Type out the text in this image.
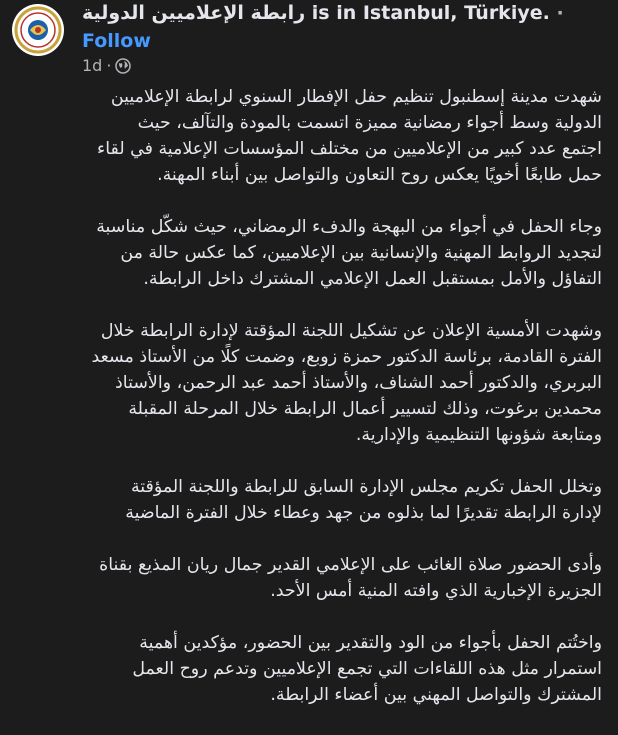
رابطة الإعلاميين الدولية is in Istanbul, Türkiye. ·
Follow
1d ·

شهدت مدينة إسطنبول تنظيم حفل الإفطار السنوي لرابطة الإعلاميين
الدولية وسط أجواء رمضانية مميزة اتسمت بالمودة والتآلف، حيث
اجتمع عدد كبير من الإعلاميين من مختلف المؤسسات الإعلامية في لقاء
حمل طابعًا أخويًا يعكس روح التعاون والتواصل بين أبناء المهنة.

وجاء الحفل في أجواء من البهجة والدفء الرمضاني، حيث شكّل مناسبة
لتجديد الروابط المهنية والإنسانية بين الإعلاميين، كما عكس حالة من
التفاؤل والأمل بمستقبل العمل الإعلامي المشترك داخل الرابطة.

وشهدت الأمسية الإعلان عن تشكيل اللجنة المؤقتة لإدارة الرابطة خلال
الفترة القادمة، برئاسة الدكتور حمزة زوبع، وضمت كلًا من الأستاذ مسعد
البربري، والدكتور أحمد الشناف، والأستاذ أحمد عبد الرحمن، والأستاذ
محمدين برغوت، وذلك لتسيير أعمال الرابطة خلال المرحلة المقبلة
ومتابعة شؤونها التنظيمية والإدارية.

وتخلل الحفل تكريم مجلس الإدارة السابق للرابطة واللجنة المؤقتة
لإدارة الرابطة تقديرًا لما بذلوه من جهد وعطاء خلال الفترة الماضية

وأدى الحضور صلاة الغائب على الإعلامي القدير جمال ريان المذيع بقناة
الجزيرة الإخبارية الذي وافته المنية أمس الأحد.

واختُتم الحفل بأجواء من الود والتقدير بين الحضور، مؤكدين أهمية
استمرار مثل هذه اللقاءات التي تجمع الإعلاميين وتدعم روح العمل
المشترك والتواصل المهني بين أعضاء الرابطة.
